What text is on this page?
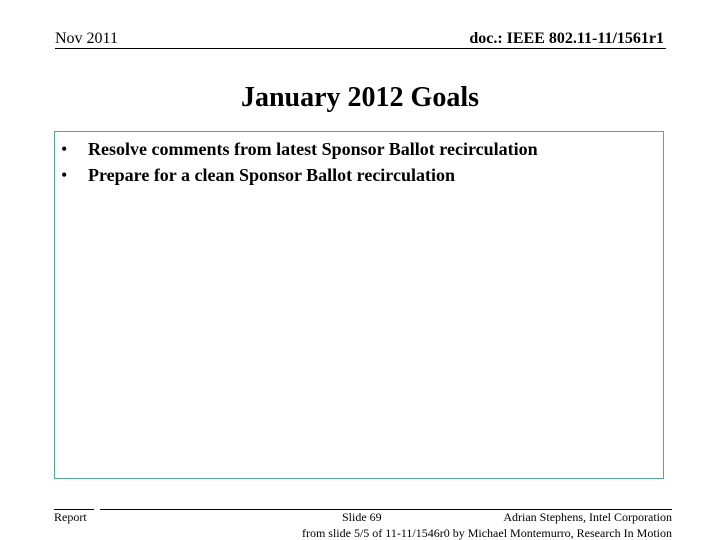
Nov 2011	doc.: IEEE 802.11-11/1561r1
January 2012 Goals
• Resolve comments from latest Sponsor Ballot recirculation
• Prepare for a clean Sponsor Ballot recirculation
Report	Slide 69	Adrian Stephens, Intel Corporation
from slide 5/5 of 11-11/1546r0 by Michael Montemurro, Research In Motion
